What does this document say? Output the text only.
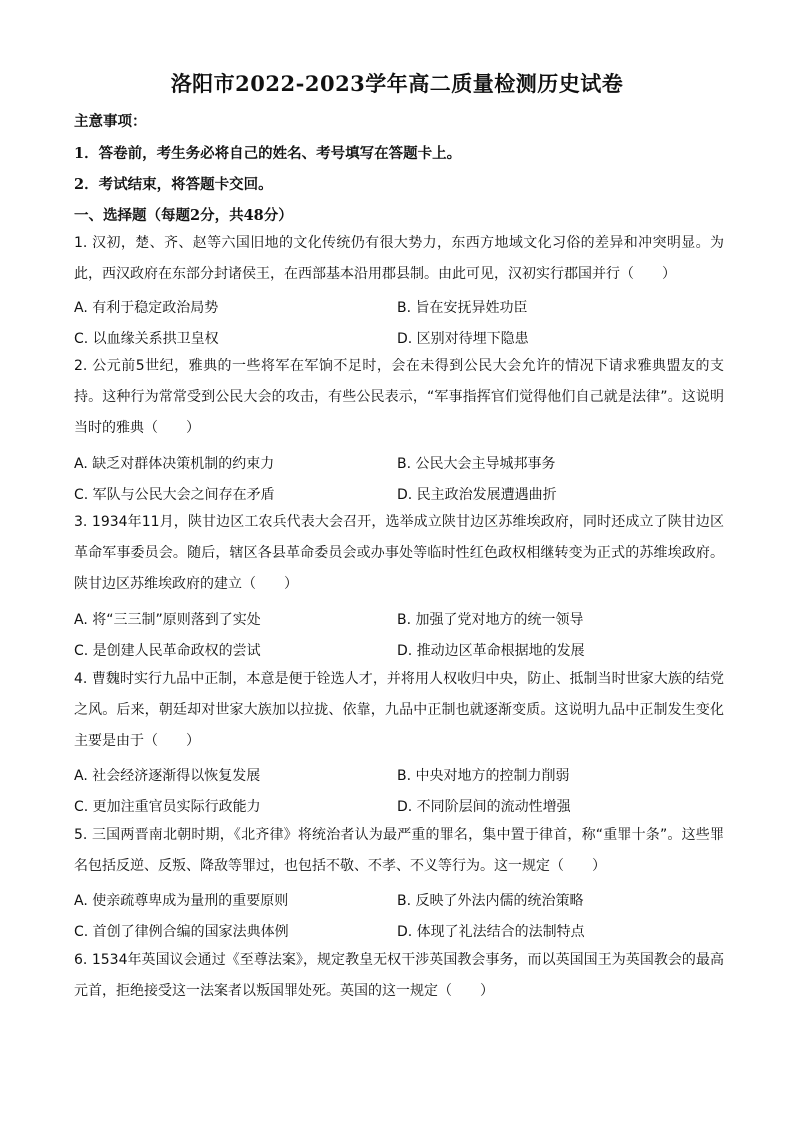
洛阳市2022-2023学年高二质量检测历史试卷
主意事项：
1．答卷前，考生务必将自己的姓名、考号填写在答题卡上。
2．考试结束，将答题卡交回。
一、选择题（每题2分，共48分）
1. 汉初，楚、齐、赵等六国旧地的文化传统仍有很大势力，东西方地域文化习俗的差异和冲突明显。为此，西汉政府在东部分封诸侯王，在西部基本沿用郡县制。由此可见，汉初实行郡国并行（　　）
A. 有利于稳定政治局势	B. 旨在安抚异姓功臣
C. 以血缘关系拱卫皇权	D. 区别对待埋下隐患
2. 公元前5世纪，雅典的一些将军在军饷不足时，会在未得到公民大会允许的情况下请求雅典盟友的支持。这种行为常常受到公民大会的攻击，有些公民表示，“军事指挥官们觉得他们自己就是法律”。这说明当时的雅典（　　）
A. 缺乏对群体决策机制的约束力	B. 公民大会主导城邦事务
C. 军队与公民大会之间存在矛盾	D. 民主政治发展遭遇曲折
3. 1934年11月，陕甘边区工农兵代表大会召开，选举成立陕甘边区苏维埃政府，同时还成立了陕甘边区革命军事委员会。随后，辖区各县革命委员会或办事处等临时性红色政权相继转变为正式的苏维埃政府。陕甘边区苏维埃政府的建立（　　）
A. 将“三三制”原则落到了实处	B. 加强了党对地方的统一领导
C. 是创建人民革命政权的尝试	D. 推动边区革命根据地的发展
4. 曹魏时实行九品中正制，本意是便于铨选人才，并将用人权收归中央，防止、抵制当时世家大族的结党之风。后来，朝廷却对世家大族加以拉拢、依靠，九品中正制也就逐渐变质。这说明九品中正制发生变化主要是由于（　　）
A. 社会经济逐渐得以恢复发展	B. 中央对地方的控制力削弱
C. 更加注重官员实际行政能力	D. 不同阶层间的流动性增强
5. 三国两晋南北朝时期，《北齐律》将统治者认为最严重的罪名，集中置于律首，称“重罪十条”。这些罪名包括反逆、反叛、降敌等罪过，也包括不敬、不孝、不义等行为。这一规定（　　）
A. 使亲疏尊卑成为量刑的重要原则	B. 反映了外法内儒的统治策略
C. 首创了律例合编的国家法典体例	D. 体现了礼法结合的法制特点
6. 1534年英国议会通过《至尊法案》，规定教皇无权干涉英国教会事务，而以英国国王为英国教会的最高元首，拒绝接受这一法案者以叛国罪处死。英国的这一规定（　　）
